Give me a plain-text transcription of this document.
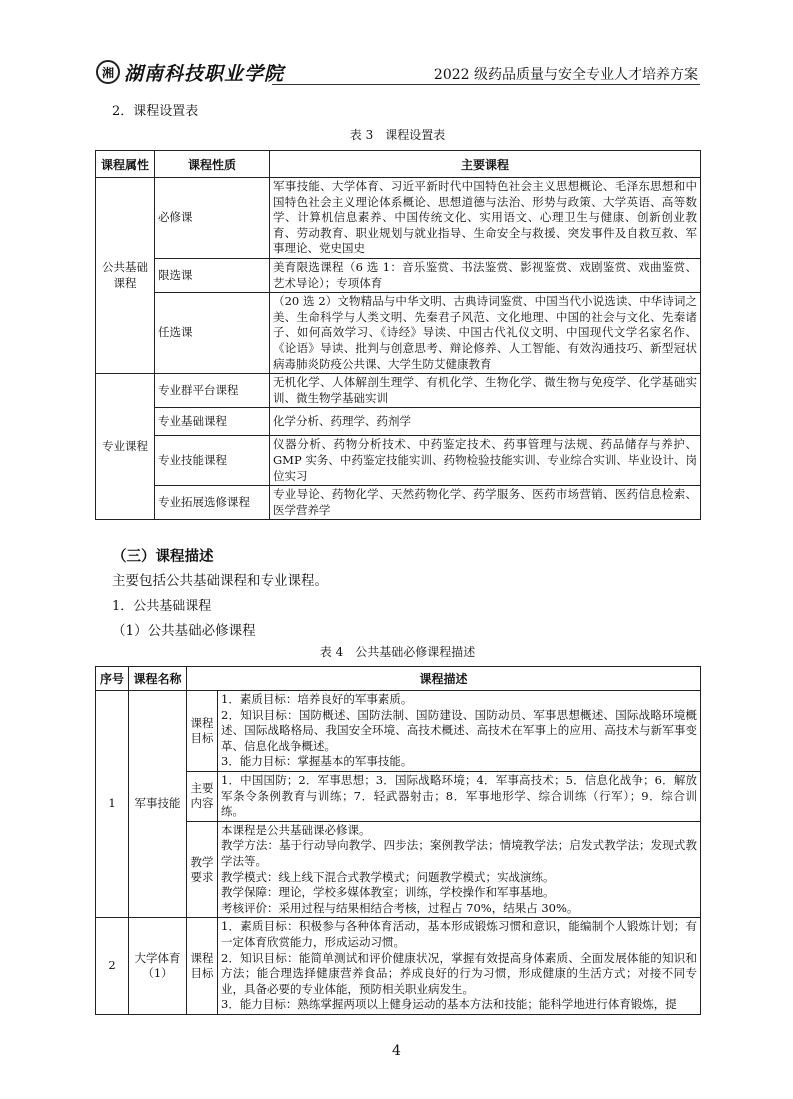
湘 湖南科技职业学院	2022 级药品质量与安全专业人才培养方案
2．课程设置表
表 3　课程设置表
课程属性	课程性质	主要课程
公共基础课程	必修课	军事技能、大学体育、习近平新时代中国特色社会主义思想概论、毛泽东思想和中国特色社会主义理论体系概论、思想道德与法治、形势与政策、大学英语、高等数学、计算机信息素养、中国传统文化、实用语文、心理卫生与健康、创新创业教育、劳动教育、职业规划与就业指导、生命安全与救援、突发事件及自救互救、军事理论、党史国史
	限选课	美育限选课程（6 选 1：音乐鉴赏、书法鉴赏、影视鉴赏、戏剧鉴赏、戏曲鉴赏、艺术导论）；专项体育
	任选课	（20 选 2）文物精品与中华文明、古典诗词鉴赏、中国当代小说选读、中华诗词之美、生命科学与人类文明、先秦君子风范、文化地理、中国的社会与文化、先秦诸子、如何高效学习、《诗经》导读、中国古代礼仪文明、中国现代文学名家名作、《论语》导读、批判与创意思考、辩论修养、人工智能、有效沟通技巧、新型冠状病毒肺炎防疫公共课、大学生防艾健康教育
专业课程	专业群平台课程	无机化学、人体解剖生理学、有机化学、生物化学、微生物与免疫学、化学基础实训、微生物学基础实训
	专业基础课程	化学分析、药理学、药剂学
	专业技能课程	仪器分析、药物分析技术、中药鉴定技术、药事管理与法规、药品储存与养护、GMP 实务、中药鉴定技能实训、药物检验技能实训、专业综合实训、毕业设计、岗位实习
	专业拓展选修课程	专业导论、药物化学、天然药物化学、药学服务、医药市场营销、医药信息检索、医学营养学
（三）课程描述
主要包括公共基础课程和专业课程。
1．公共基础课程
（1）公共基础必修课程
表 4　公共基础必修课程描述
序号	课程名称	课程描述	
1	军事技能	课程目标	1．素质目标：培养良好的军事素质。
2．知识目标：国防概述、国防法制、国防建设、国防动员、军事思想概述、国际战略环境概述、国际战略格局、我国安全环境、高技术概述、高技术在军事上的应用、高技术与新军事变革、信息化战争概述。
3．能力目标：掌握基本的军事技能。

		主要内容	1．中国国防；2．军事思想；3．国际战略环境；4．军事高技术；5．信息化战争；6．解放军条令条例教育与训练；7．轻武器射击；8．军事地形学、综合训练（行军）；9．综合训练。

		教学要求	本课程是公共基础课必修课。
教学方法：基于行动导向教学、四步法；案例教学法；情境教学法；启发式教学法；发现式教学法等。
教学模式：线上线下混合式教学模式；问题教学模式；实战演练。
教学保障：理论，学校多媒体教室；训练，学校操作和军事基地。
考核评价：采用过程与结果相结合考核，过程占 70%，结果占 30%。

2	大学体育（1）	课程目标	1．素质目标：积极参与各种体育活动，基本形成锻炼习惯和意识，能编制个人锻炼计划；有一定体育欣赏能力，形成运动习惯。
2．知识目标：能简单测试和评价健康状况，掌握有效提高身体素质、全面发展体能的知识和方法；能合理选择健康营养食品；养成良好的行为习惯，形成健康的生活方式；对接不同专业，具备必要的专业体能，预防相关职业病发生。
3．能力目标：熟练掌握两项以上健身运动的基本方法和技能；能科学地进行体育锻炼，提
4
